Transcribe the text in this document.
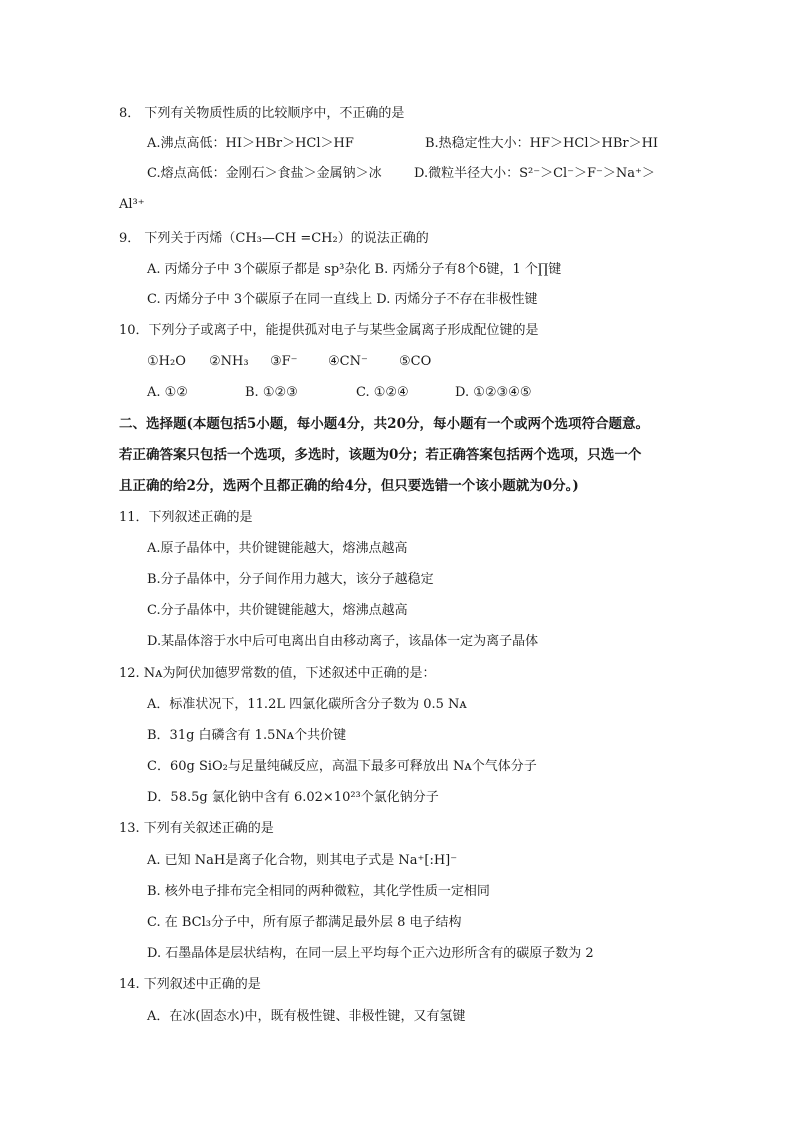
8． 下列有关物质性质的比较顺序中，不正确的是
A.沸点高低：HI＞HBr＞HCl＞HF	B.热稳定性大小：HF＞HCl＞HBr＞HI
C.熔点高低：金刚石＞食盐＞金属钠＞冰 D.微粒半径大小：S²⁻＞Cl⁻＞F⁻＞Na⁺＞
Al³⁺
9． 下列关于丙烯（CH₃—CH =CH₂）的说法正确的
A. 丙烯分子中 3个碳原子都是 sp³杂化 B. 丙烯分子有8个δ键，1 个∏键
C. 丙烯分子中 3个碳原子在同一直线上 D. 丙烯分子不存在非极性键
10．下列分子或离子中，能提供孤对电子与某些金属离子形成配位键的是
①H₂O ②NH₃ ③F⁻ ④CN⁻ ⑤CO
A. ①②	B. ①②③	C. ①②④	D. ①②③④⑤
二、选择题(本题包括5小题，每小题4分，共20分，每小题有一个或两个选项符合题意。
若正确答案只包括一个选项，多选时，该题为0分；若正确答案包括两个选项，只选一个
且正确的给2分，选两个且都正确的给4分，但只要选错一个该小题就为0分。)
11．下列叙述正确的是
A.原子晶体中，共价键键能越大，熔沸点越高
B.分子晶体中，分子间作用力越大，该分子越稳定
C.分子晶体中，共价键键能越大，熔沸点越高
D.某晶体溶于水中后可电离出自由移动离子，该晶体一定为离子晶体
12. Nᴀ为阿伏加德罗常数的值，下述叙述中正确的是：
A．标准状况下，11.2L 四氯化碳所含分子数为 0.5 Nᴀ
B．31g 白磷含有 1.5Nᴀ个共价键
C．60g SiO₂与足量纯碱反应，高温下最多可释放出 Nᴀ个气体分子
D．58.5g 氯化钠中含有 6.02×10²³个氯化钠分子
13. 下列有关叙述正确的是
A. 已知 NaH是离子化合物，则其电子式是 Na⁺[:H]⁻
B. 核外电子排布完全相同的两种微粒，其化学性质一定相同
C. 在 BCl₃分子中，所有原子都满足最外层 8 电子结构
D. 石墨晶体是层状结构，在同一层上平均每个正六边形所含有的碳原子数为 2
14. 下列叙述中正确的是
A．在冰(固态水)中，既有极性键、非极性键，又有氢键
